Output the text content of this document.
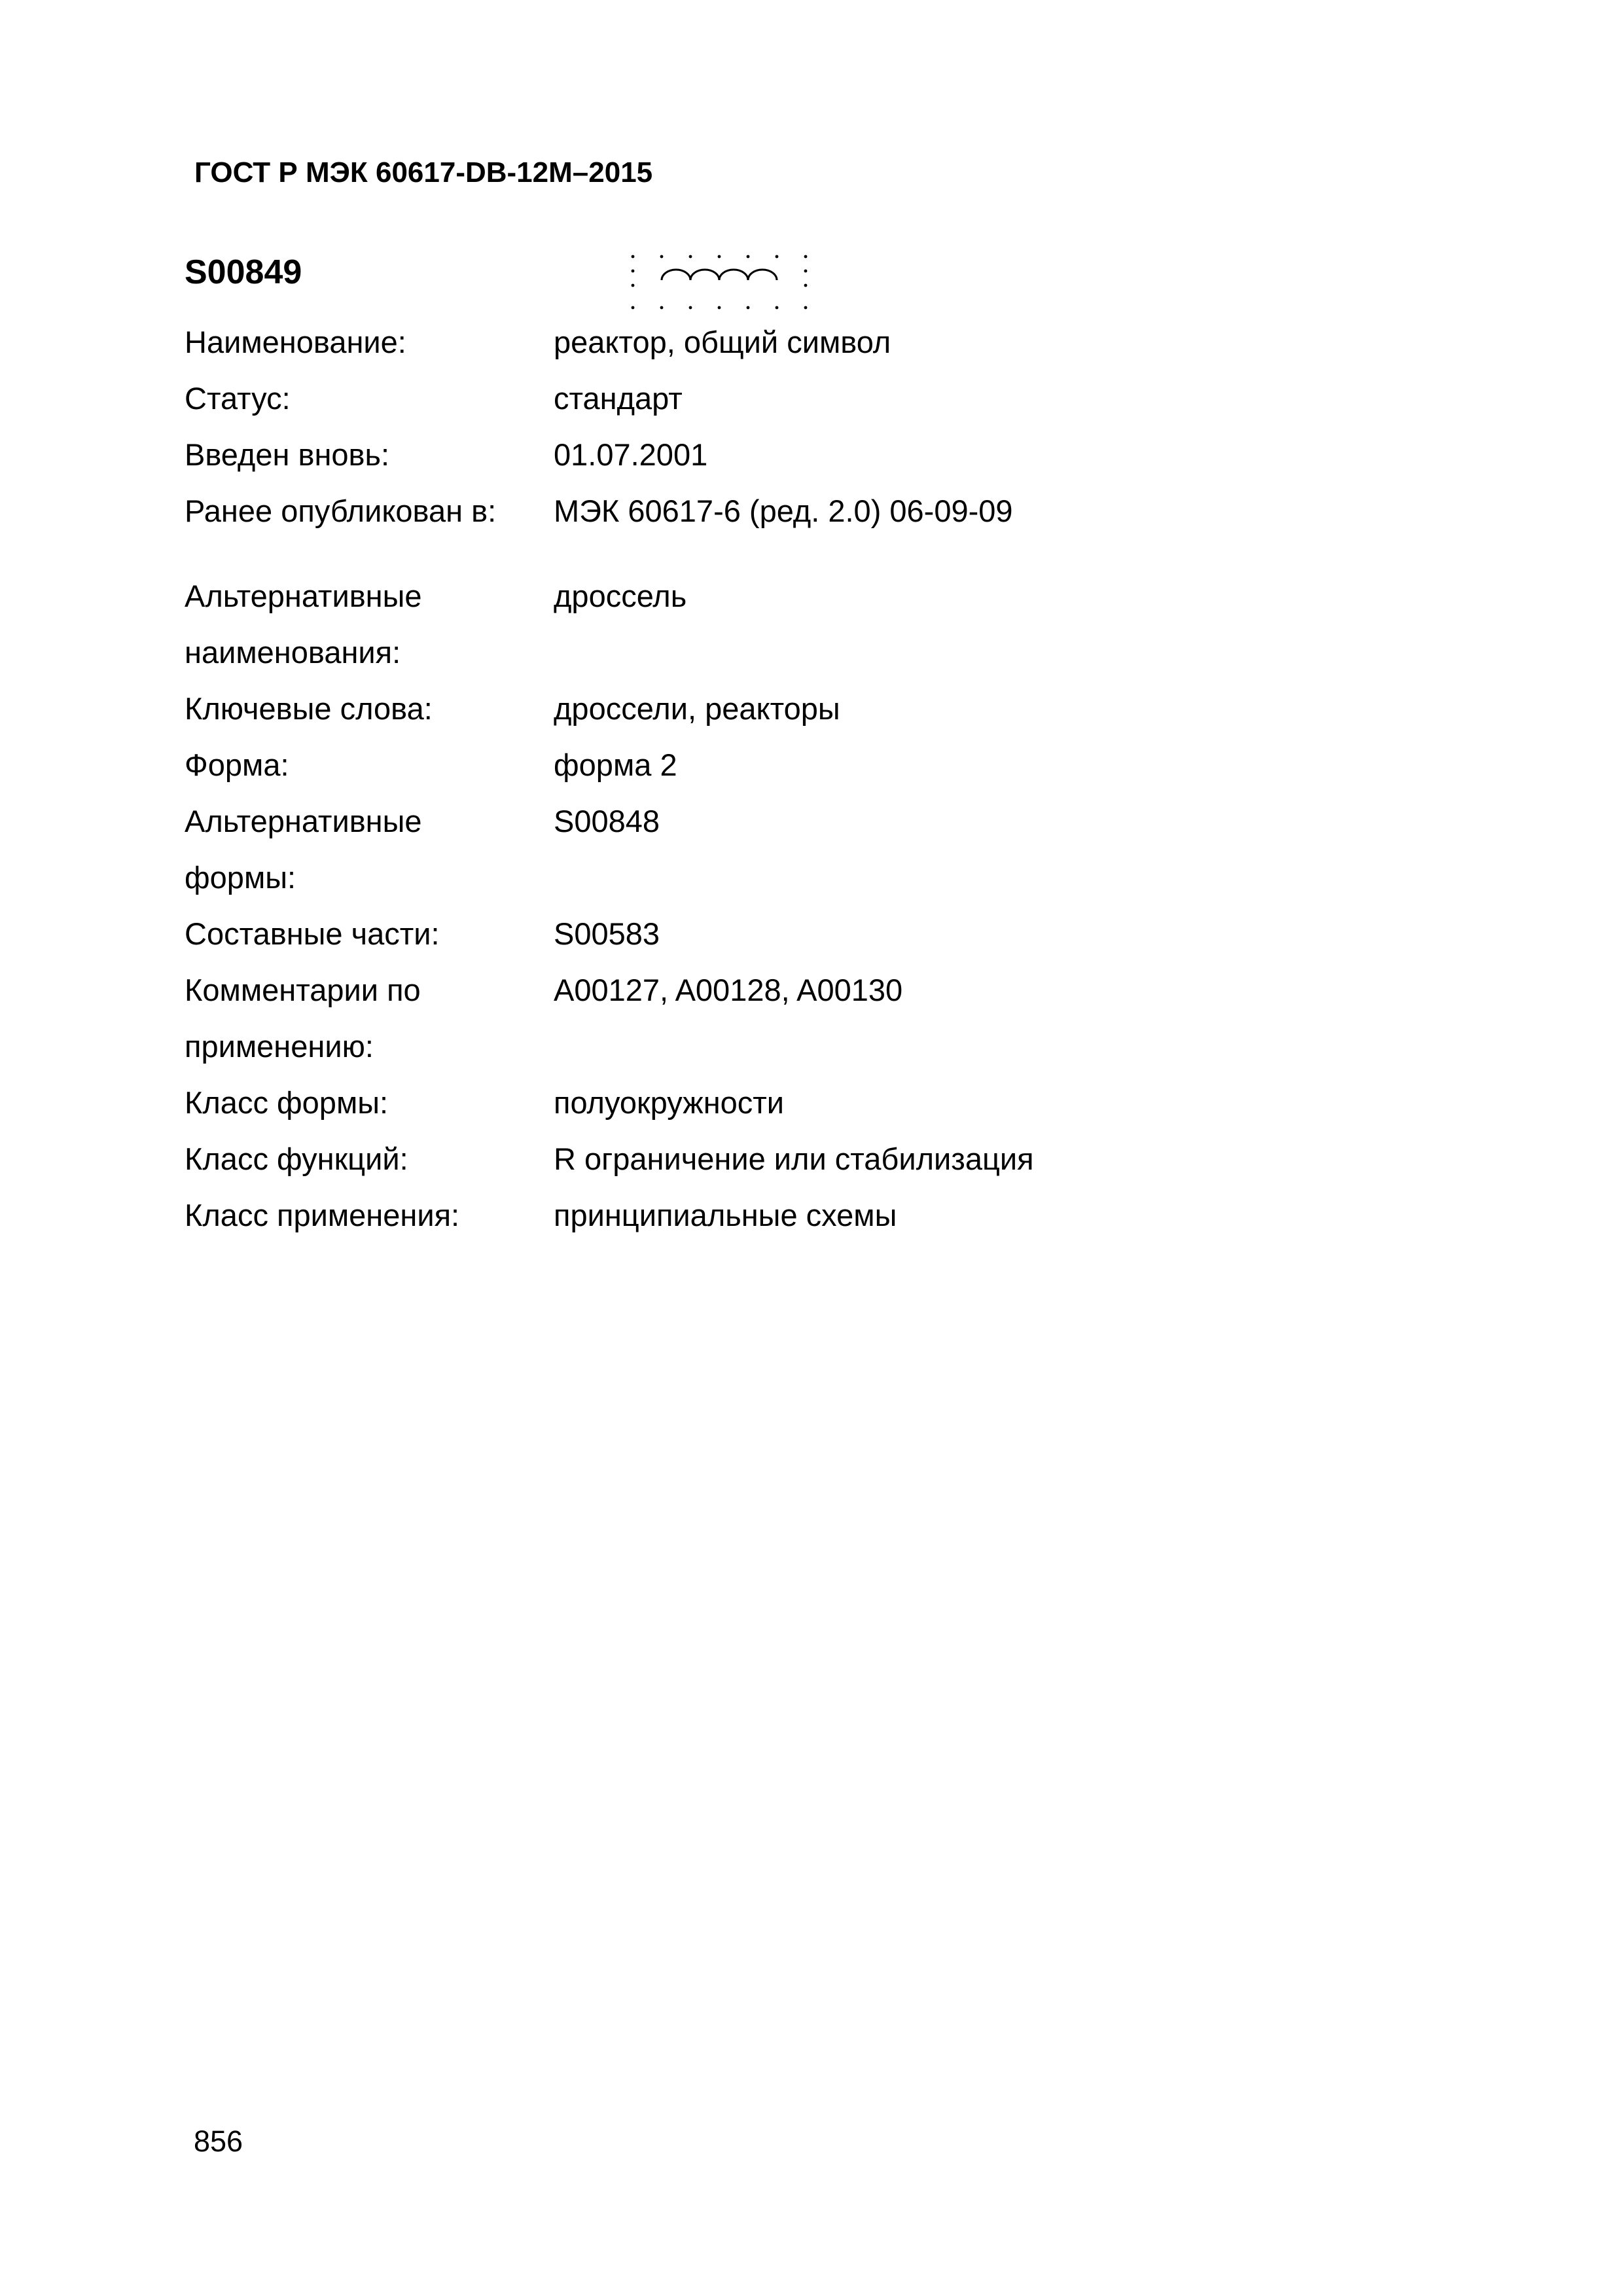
ГОСТ Р МЭК 60617-DB-12M–2015
S00849
Наименование:	реактор, общий символ
Статус:	стандарт
Введен вновь:	01.07.2001
Ранее опубликован в: МЭК 60617-6 (ред. 2.0) 06-09-09
Альтернативные	дроссель
наименования:
Ключевые слова:	дроссели, реакторы
Форма:	форма 2
Альтернативные	S00848
формы:
Составные части:	S00583
Комментарии по	A00127, A00128, A00130
применению:
Класс формы:	полуокружности
Класс функций:	R ограничение или стабилизация
Класс применения:	принципиальные схемы
856
